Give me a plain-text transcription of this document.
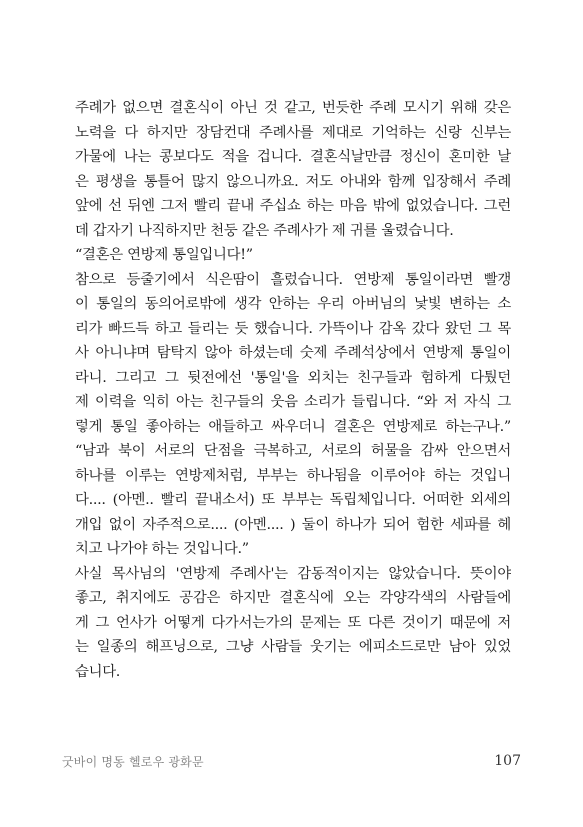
주례가 없으면 결혼식이 아닌 것 같고, 번듯한 주례 모시기 위해 갖은
노력을 다 하지만 장담컨대 주례사를 제대로 기억하는 신랑 신부는
가물에 나는 콩보다도 적을 겁니다. 결혼식날만큼 정신이 혼미한 날
은 평생을 통틀어 많지 않으니까요. 저도 아내와 함께 입장해서 주례
앞에 선 뒤엔 그저 빨리 끝내 주십쇼 하는 마음 밖에 없었습니다. 그런
데 갑자기 나직하지만 천둥 같은 주례사가 제 귀를 울렸습니다.
“결혼은 연방제 통일입니다!”
참으로 등줄기에서 식은땀이 흘렀습니다. 연방제 통일이라면 빨갱
이 통일의 동의어로밖에 생각 안하는 우리 아버님의 낯빛 변하는 소
리가 빠드득 하고 들리는 듯 했습니다. 가뜩이나 감옥 갔다 왔던 그 목
사 아니냐며 탐탁지 않아 하셨는데 숫제 주례석상에서 연방제 통일이
라니. 그리고 그 뒷전에선 '통일'을 외치는 친구들과 험하게 다퉜던
제 이력을 익히 아는 친구들의 웃음 소리가 들립니다. “와 저 자식 그
렇게 통일 좋아하는 애들하고 싸우더니 결혼은 연방제로 하는구나.”
“남과 북이 서로의 단점을 극복하고, 서로의 허물을 감싸 안으면서
하나를 이루는 연방제처럼, 부부는 하나됨을 이루어야 하는 것입니
다.... (아멘.. 빨리 끝내소서) 또 부부는 독립체입니다. 어떠한 외세의
개입 없이 자주적으로.... (아멘.... ) 둘이 하나가 되어 험한 세파를 헤
치고 나가야 하는 것입니다.”
사실 목사님의 '연방제 주례사'는 감동적이지는 않았습니다. 뜻이야
좋고, 취지에도 공감은 하지만 결혼식에 오는 각양각색의 사람들에
게 그 언사가 어떻게 다가서는가의 문제는 또 다른 것이기 때문에 저
는 일종의 해프닝으로, 그냥 사람들 웃기는 에피소드로만 남아 있었
습니다.
굿바이 명동 헬로우 광화문	107
